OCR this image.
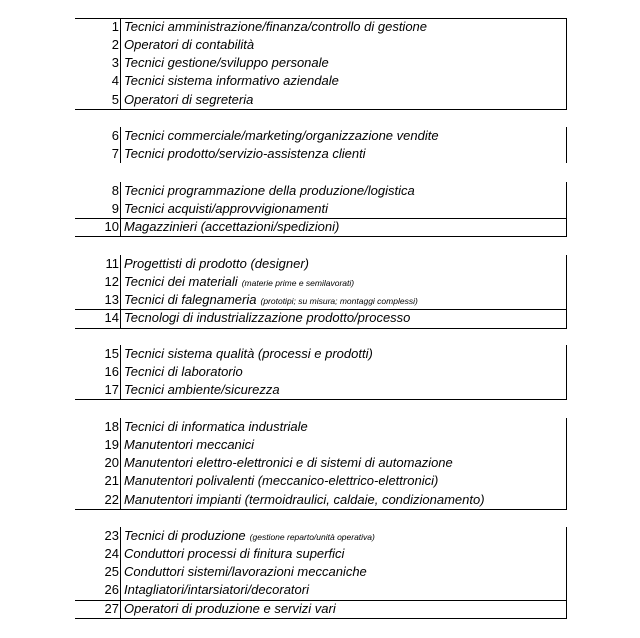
1 Tecnici amministrazione/finanza/controllo di gestione
2 Operatori di contabilità
3 Tecnici gestione/sviluppo personale
4 Tecnici sistema informativo aziendale
5 Operatori di segreteria
6 Tecnici commerciale/marketing/organizzazione vendite
7 Tecnici prodotto/servizio-assistenza clienti
8 Tecnici programmazione della produzione/logistica
9 Tecnici acquisti/approvvigionamenti
10 Magazzinieri (accettazioni/spedizioni)
11 Progettisti di prodotto (designer)
12 Tecnici dei materiali (materie prime e semilavorati)
13 Tecnici di falegnameria (prototipi; su misura; montaggi complessi)
14 Tecnologi di industrializzazione prodotto/processo
15 Tecnici sistema qualità (processi e prodotti)
16 Tecnici di laboratorio
17 Tecnici ambiente/sicurezza
18 Tecnici di informatica industriale
19 Manutentori meccanici
20 Manutentori elettro-elettronici e di sistemi di automazione
21 Manutentori polivalenti (meccanico-elettrico-elettronici)
22 Manutentori impianti (termoidraulici, caldaie, condizionamento)
23 Tecnici di produzione (gestione reparto/unità operativa)
24 Conduttori processi di finitura superfici
25 Conduttori sistemi/lavorazioni meccaniche
26 Intagliatori/intarsiatori/decoratori
27 Operatori di produzione e servizi vari
